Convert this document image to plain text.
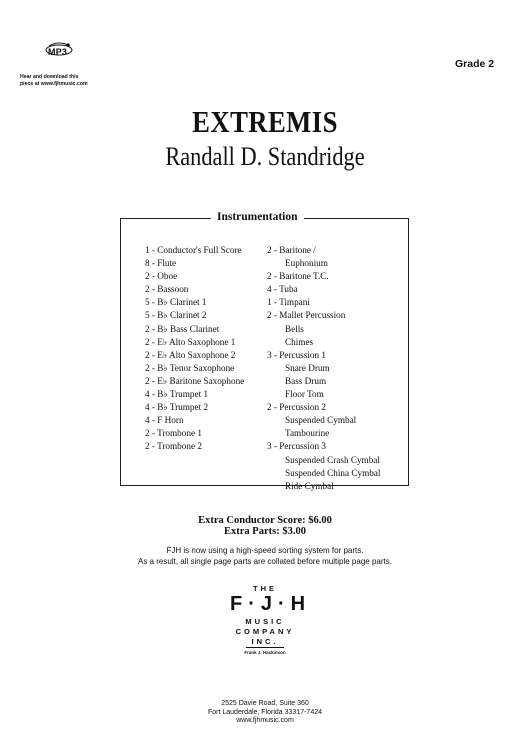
MP3
Hear and download this
piece at www.fjhmusic.com
Grade 2
EXTREMIS
Randall D. Standridge
Instrumentation
1 - Conductor's Full Score
8 - Flute
2 - Oboe
2 - Bassoon
5 - B♭ Clarinet 1
5 - B♭ Clarinet 2
2 - B♭ Bass Clarinet
2 - E♭ Alto Saxophone 1
2 - E♭ Alto Saxophone 2
2 - B♭ Tenor Saxophone
2 - E♭ Baritone Saxophone
4 - B♭ Trumpet 1
4 - B♭ Trumpet 2
4 - F Horn
2 - Trombone 1
2 - Trombone 2
2 - Baritone /
Euphonium
2 - Baritone T.C.
4 - Tuba
1 - Timpani
2 - Mallet Percussion
Bells
Chimes
3 - Percussion 1
Snare Drum
Bass Drum
Floor Tom
2 - Percussion 2
Suspended Cymbal
Tambourine
3 - Percussion 3
Suspended Crash Cymbal
Suspended China Cymbal
Ride Cymbal
Extra Conductor Score: $6.00
Extra Parts: $3.00
FJH is now using a high-speed sorting system for parts.
As a result, all single page parts are collated before multiple page parts.
THE
F·J·H
MUSIC
COMPANY
INC.
Frank J. Hackinson
2525 Davie Road, Suite 360
Fort Lauderdale, Florida 33317-7424
www.fjhmusic.com
